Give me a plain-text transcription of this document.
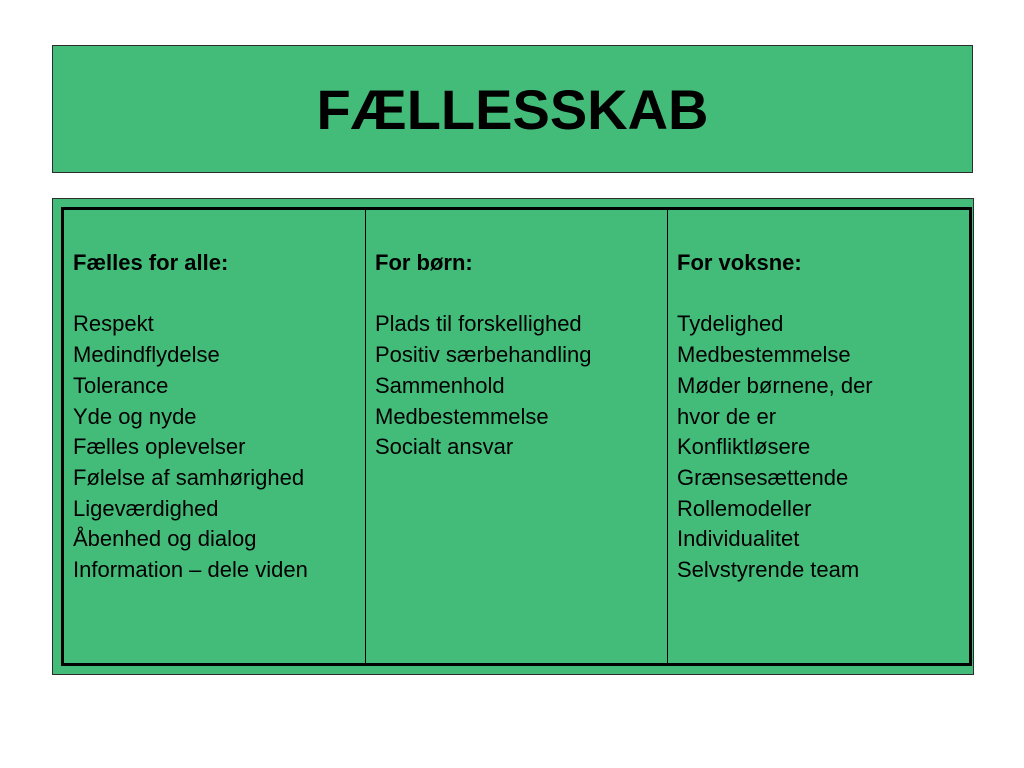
FÆLLESSKAB
Fælles for alle:
Respekt
Medindflydelse
Tolerance
Yde og nyde
Fælles oplevelser
Følelse af samhørighed
Ligeværdighed
Åbenhed og dialog
Information – dele viden
For børn:
Plads til forskellighed
Positiv særbehandling
Sammenhold
Medbestemmelse
Socialt ansvar
For voksne:
Tydelighed
Medbestemmelse
Møder børnene, der
hvor de er
Konfliktløsere
Grænsesættende
Rollemodeller
Individualitet
Selvstyrende team
